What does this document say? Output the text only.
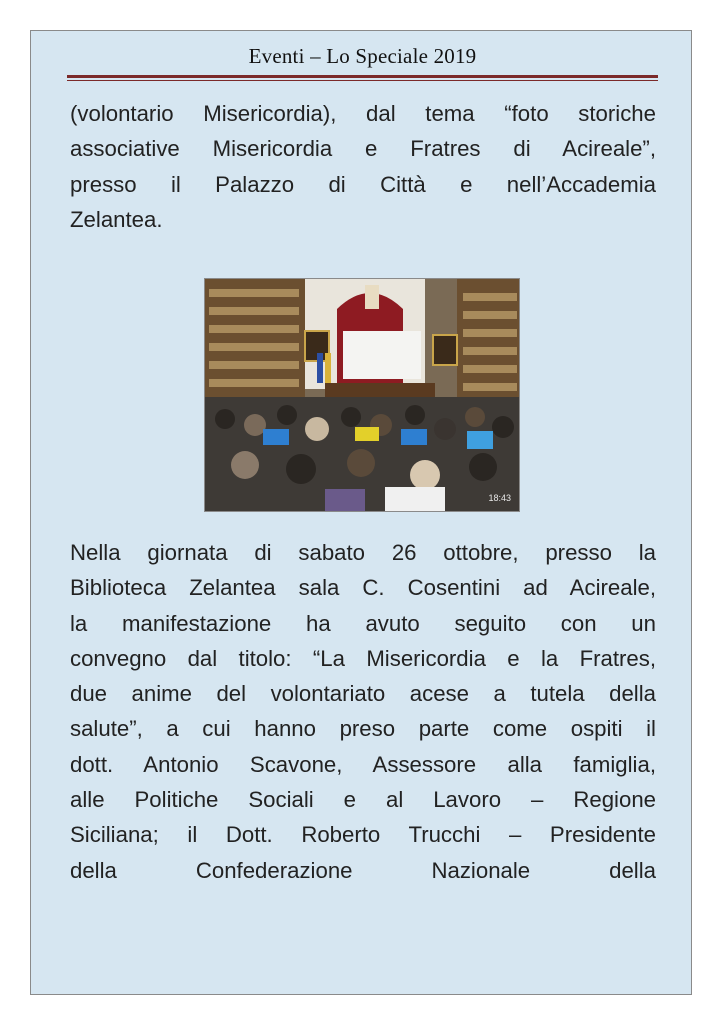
Eventi – Lo Speciale 2019

(volontario Misericordia), dal tema “foto storiche
associative Misericordia e Fratres di Acireale”,
presso il Palazzo di Città e nell’Accademia
Zelantea.

18:43

Nella giornata di sabato 26 ottobre, presso la
Biblioteca Zelantea sala C. Cosentini ad Acireale,
la manifestazione ha avuto seguito con un
convegno dal titolo: “La Misericordia e la Fratres,
due anime del volontariato acese a tutela della
salute”, a cui hanno preso parte come ospiti il
dott. Antonio Scavone, Assessore alla famiglia,
alle Politiche Sociali e al Lavoro – Regione
Siciliana; il Dott. Roberto Trucchi – Presidente
della Confederazione Nazionale della
